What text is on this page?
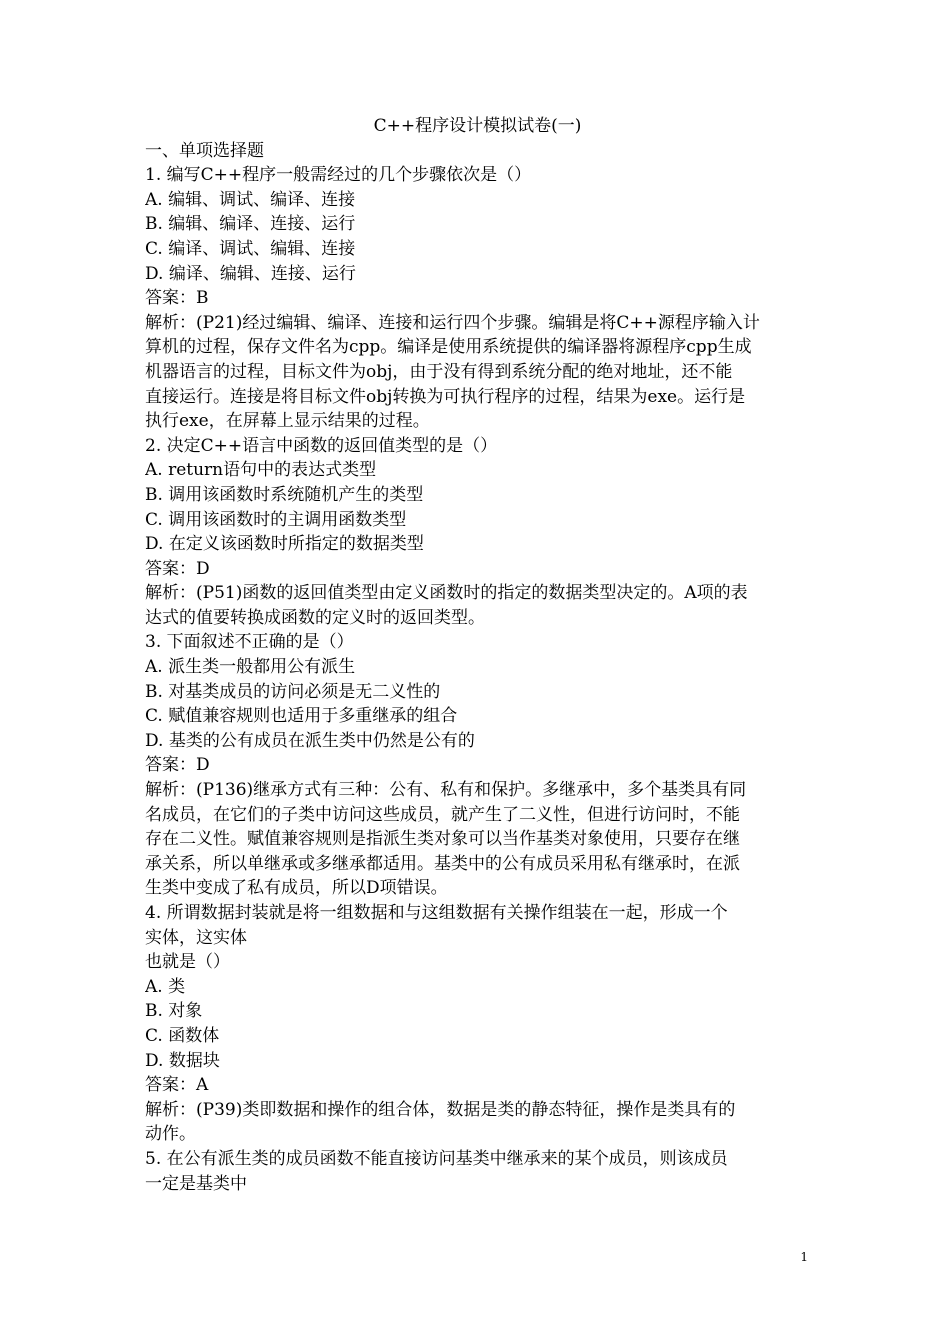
C++程序设计模拟试卷(一)
一、单项选择题
1. 编写C++程序一般需经过的几个步骤依次是（）
A. 编辑、调试、编译、连接
B. 编辑、编译、连接、运行
C. 编译、调试、编辑、连接
D. 编译、编辑、连接、运行
答案：B
解析：(P21)经过编辑、编译、连接和运行四个步骤。编辑是将C++源程序输入计
算机的过程，保存文件名为cpp。编译是使用系统提供的编译器将源程序cpp生成
机器语言的过程，目标文件为obj，由于没有得到系统分配的绝对地址，还不能
直接运行。连接是将目标文件obj转换为可执行程序的过程，结果为exe。运行是
执行exe，在屏幕上显示结果的过程。
2. 决定C++语言中函数的返回值类型的是（）
A. return语句中的表达式类型
B. 调用该函数时系统随机产生的类型
C. 调用该函数时的主调用函数类型
D. 在定义该函数时所指定的数据类型
答案：D
解析：(P51)函数的返回值类型由定义函数时的指定的数据类型决定的。A项的表
达式的值要转换成函数的定义时的返回类型。
3. 下面叙述不正确的是（）
A. 派生类一般都用公有派生
B. 对基类成员的访问必须是无二义性的
C. 赋值兼容规则也适用于多重继承的组合
D. 基类的公有成员在派生类中仍然是公有的
答案：D
解析：(P136)继承方式有三种：公有、私有和保护。多继承中，多个基类具有同
名成员，在它们的子类中访问这些成员，就产生了二义性，但进行访问时，不能
存在二义性。赋值兼容规则是指派生类对象可以当作基类对象使用，只要存在继
承关系，所以单继承或多继承都适用。基类中的公有成员采用私有继承时，在派
生类中变成了私有成员，所以D项错误。
4. 所谓数据封装就是将一组数据和与这组数据有关操作组装在一起，形成一个
实体，这实体
也就是（）
A. 类
B. 对象
C. 函数体
D. 数据块
答案：A
解析：(P39)类即数据和操作的组合体，数据是类的静态特征，操作是类具有的
动作。
5. 在公有派生类的成员函数不能直接访问基类中继承来的某个成员，则该成员
一定是基类中
1
